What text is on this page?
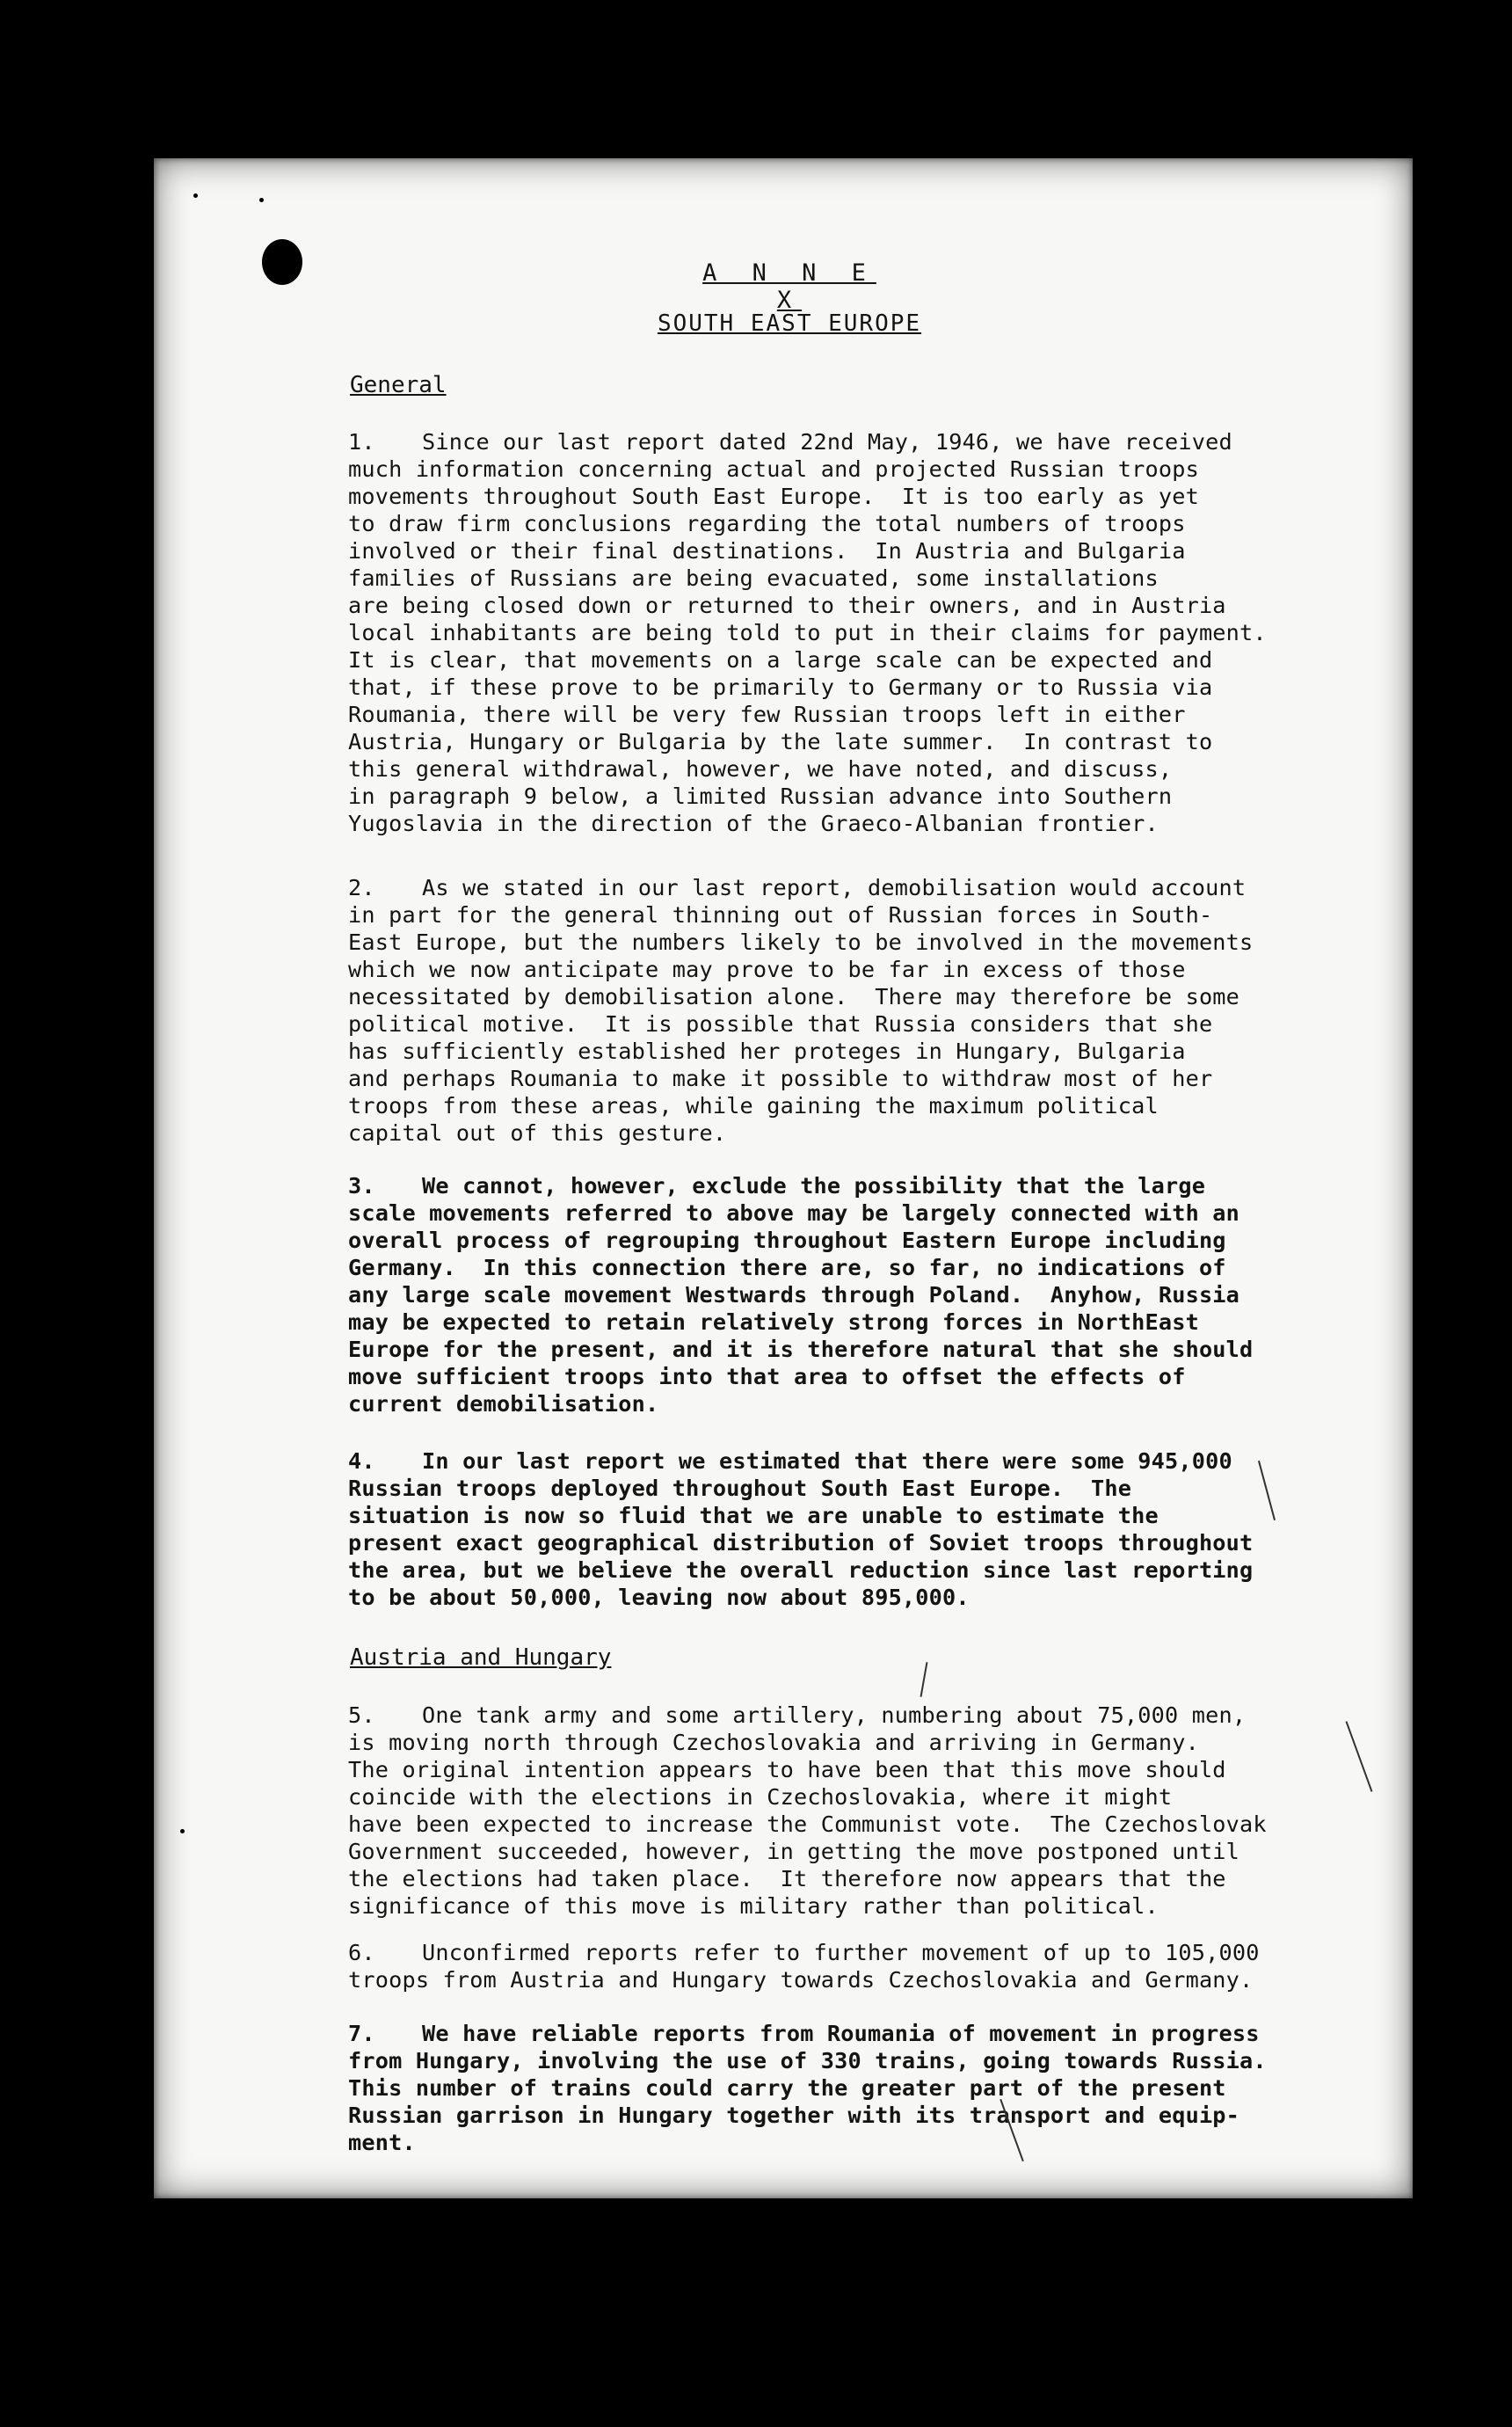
A N N E X
SOUTH EAST EUROPE
General

1. Since our last report dated 22nd May, 1946, we have received
much information concerning actual and projected Russian troops
movements throughout South East Europe.  It is too early as yet
to draw firm conclusions regarding the total numbers of troops
involved or their final destinations.  In Austria and Bulgaria
families of Russians are being evacuated, some installations
are being closed down or returned to their owners, and in Austria
local inhabitants are being told to put in their claims for payment.
It is clear, that movements on a large scale can be expected and
that, if these prove to be primarily to Germany or to Russia via
Roumania, there will be very few Russian troops left in either
Austria, Hungary or Bulgaria by the late summer.  In contrast to
this general withdrawal, however, we have noted, and discuss,
in paragraph 9 below, a limited Russian advance into Southern
Yugoslavia in the direction of the Graeco-Albanian frontier.

2. As we stated in our last report, demobilisation would account
in part for the general thinning out of Russian forces in South-
East Europe, but the numbers likely to be involved in the movements
which we now anticipate may prove to be far in excess of those
necessitated by demobilisation alone.  There may therefore be some
political motive.  It is possible that Russia considers that she
has sufficiently established her proteges in Hungary, Bulgaria
and perhaps Roumania to make it possible to withdraw most of her
troops from these areas, while gaining the maximum political
capital out of this gesture.

3. We cannot, however, exclude the possibility that the large
scale movements referred to above may be largely connected with an
overall process of regrouping throughout Eastern Europe including
Germany.  In this connection there are, so far, no indications of
any large scale movement Westwards through Poland.  Anyhow, Russia
may be expected to retain relatively strong forces in NorthEast
Europe for the present, and it is therefore natural that she should
move sufficient troops into that area to offset the effects of
current demobilisation.

4. In our last report we estimated that there were some 945,000
Russian troops deployed throughout South East Europe.  The
situation is now so fluid that we are unable to estimate the
present exact geographical distribution of Soviet troops throughout
the area, but we believe the overall reduction since last reporting
to be about 50,000, leaving now about 895,000.

Austria and Hungary

5. One tank army and some artillery, numbering about 75,000 men,
is moving north through Czechoslovakia and arriving in Germany.
The original intention appears to have been that this move should
coincide with the elections in Czechoslovakia, where it might
have been expected to increase the Communist vote.  The Czechoslovak
Government succeeded, however, in getting the move postponed until
the elections had taken place.  It therefore now appears that the
significance of this move is military rather than political.

6. Unconfirmed reports refer to further movement of up to 105,000
troops from Austria and Hungary towards Czechoslovakia and Germany.

7. We have reliable reports from Roumania of movement in progress
from Hungary, involving the use of 330 trains, going towards Russia.
This number of trains could carry the greater part of the present
Russian garrison in Hungary together with its transport and equip-
ment.
